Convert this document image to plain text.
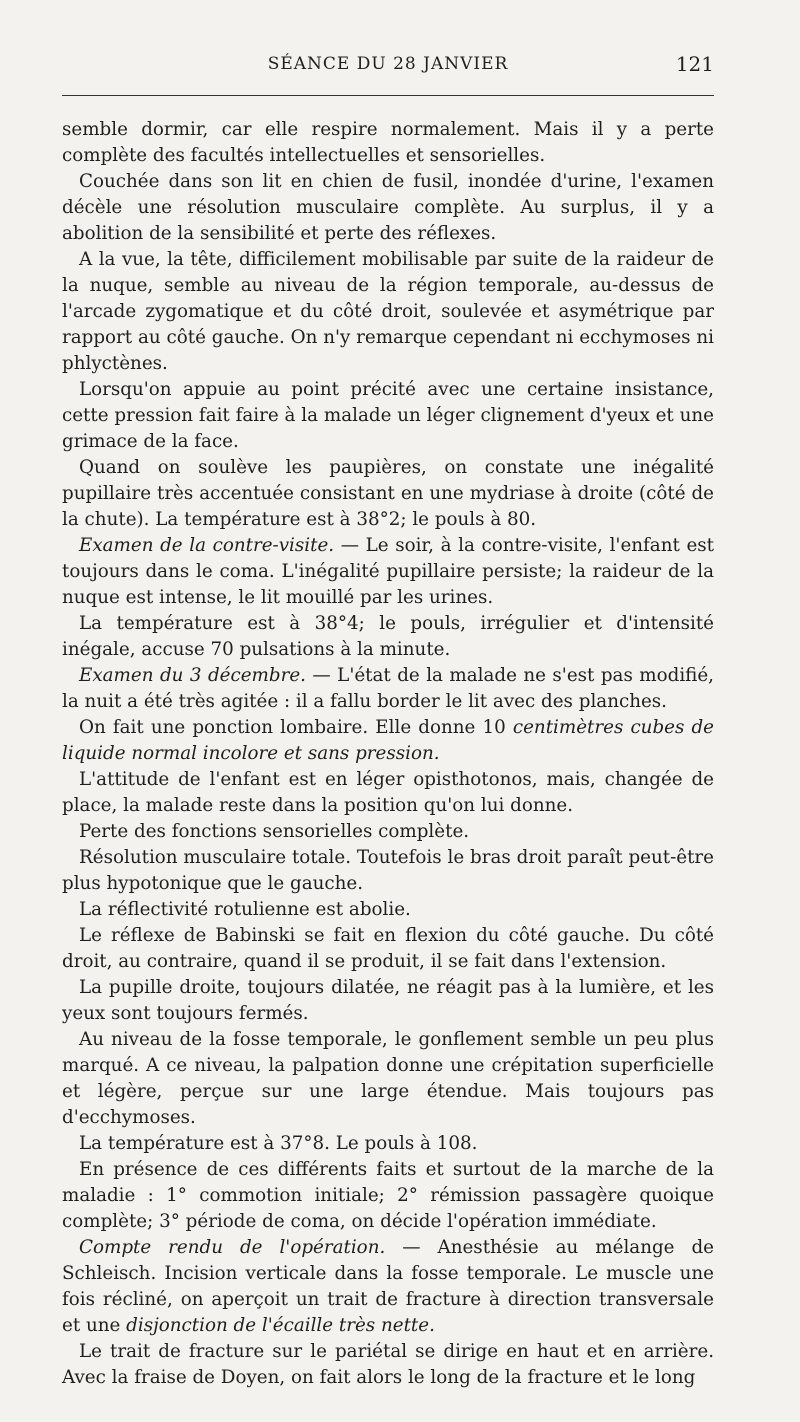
SÉANCE DU 28 JANVIER	121

semble dormir, car elle respire normalement. Mais il y a perte complète des facultés intellectuelles et sensorielles.

Couchée dans son lit en chien de fusil, inondée d'urine, l'examen décèle une résolution musculaire complète. Au surplus, il y a abolition de la sensibilité et perte des réflexes.

A la vue, la tête, difficilement mobilisable par suite de la raideur de la nuque, semble au niveau de la région temporale, au-dessus de l'arcade zygomatique et du côté droit, soulevée et asymétrique par rapport au côté gauche. On n'y remarque cependant ni ecchymoses ni phlyctènes.

Lorsqu'on appuie au point précité avec une certaine insistance, cette pression fait faire à la malade un léger clignement d'yeux et une grimace de la face.

Quand on soulève les paupières, on constate une inégalité pupillaire très accentuée consistant en une mydriase à droite (côté de la chute). La température est à 38°2; le pouls à 80.

Examen de la contre-visite. — Le soir, à la contre-visite, l'enfant est toujours dans le coma. L'inégalité pupillaire persiste; la raideur de la nuque est intense, le lit mouillé par les urines.

La température est à 38°4; le pouls, irrégulier et d'intensité inégale, accuse 70 pulsations à la minute.

Examen du 3 décembre. — L'état de la malade ne s'est pas modifié, la nuit a été très agitée : il a fallu border le lit avec des planches.

On fait une ponction lombaire. Elle donne 10 centimètres cubes de liquide normal incolore et sans pression.

L'attitude de l'enfant est en léger opisthotonos, mais, changée de place, la malade reste dans la position qu'on lui donne.

Perte des fonctions sensorielles complète.

Résolution musculaire totale. Toutefois le bras droit paraît peut-être plus hypotonique que le gauche.

La réflectivité rotulienne est abolie.

Le réflexe de Babinski se fait en flexion du côté gauche. Du côté droit, au contraire, quand il se produit, il se fait dans l'extension.

La pupille droite, toujours dilatée, ne réagit pas à la lumière, et les yeux sont toujours fermés.

Au niveau de la fosse temporale, le gonflement semble un peu plus marqué. A ce niveau, la palpation donne une crépitation superficielle et légère, perçue sur une large étendue. Mais toujours pas d'ecchymoses.

La température est à 37°8. Le pouls à 108.

En présence de ces différents faits et surtout de la marche de la maladie : 1° commotion initiale; 2° rémission passagère quoique complète; 3° période de coma, on décide l'opération immédiate.

Compte rendu de l'opération. — Anesthésie au mélange de Schleisch. Incision verticale dans la fosse temporale. Le muscle une fois récliné, on aperçoit un trait de fracture à direction transversale et une disjonction de l'écaille très nette.

Le trait de fracture sur le pariétal se dirige en haut et en arrière. Avec la fraise de Doyen, on fait alors le long de la fracture et le long
